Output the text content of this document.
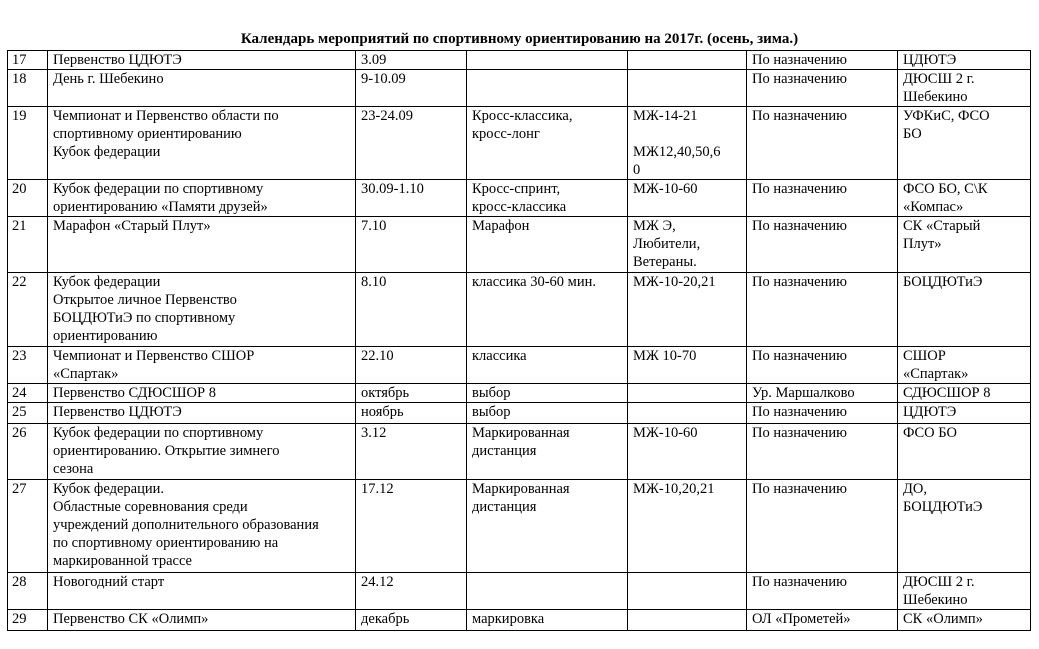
Календарь мероприятий по спортивному ориентированию на 2017г. (осень, зима.)
17	Первенство ЦДЮТЭ	3.09			По назначению	ЦДЮТЭ

18	День г. Шебекино	9-10.09			По назначению	ДЮСШ 2 г.
Шебекино

19	Чемпионат и Первенство области по
спортивному ориентированию
Кубок федерации	23-24.09	Кросс-классика,
кросс-лонг	МЖ-14-21

МЖ12,40,50,6
0	По назначению	УФКиС, ФСО
БО

20	Кубок федерации по спортивному
ориентированию «Памяти друзей»	30.09-1.10	Кросс-спринт,
кросс-классика	МЖ-10-60	По назначению	ФСО БО, С\К
«Компас»

21	Марафон «Старый Плут»	7.10	Марафон	МЖ Э,
Любители,
Ветераны.	По назначению	СК «Старый
Плут»

22	Кубок федерации
Открытое личное Первенство
БОЦДЮТиЭ по спортивному
ориентированию	8.10	классика 30-60 мин.	МЖ-10-20,21	По назначению	БОЦДЮТиЭ

23	Чемпионат и Первенство СШОР
«Спартак»	22.10	классика	МЖ 10-70	По назначению	СШОР
«Спартак»

24	Первенство СДЮСШОР 8	октябрь	выбор		Ур. Маршалково	СДЮСШОР 8

25	Первенство ЦДЮТЭ	ноябрь	выбор		По назначению	ЦДЮТЭ

26	Кубок федерации по спортивному
ориентированию. Открытие зимнего
сезона	3.12	Маркированная
дистанция	МЖ-10-60	По назначению	ФСО БО

27	Кубок федерации.
Областные соревнования среди
учреждений дополнительного образования
по спортивному ориентированию на
маркированной трассе	17.12	Маркированная
дистанция	МЖ-10,20,21	По назначению	ДО,
БОЦДЮТиЭ

28	Новогодний старт	24.12			По назначению	ДЮСШ 2 г.
Шебекино

29	Первенство СК «Олимп»	декабрь	маркировка		ОЛ «Прометей»	СК «Олимп»
